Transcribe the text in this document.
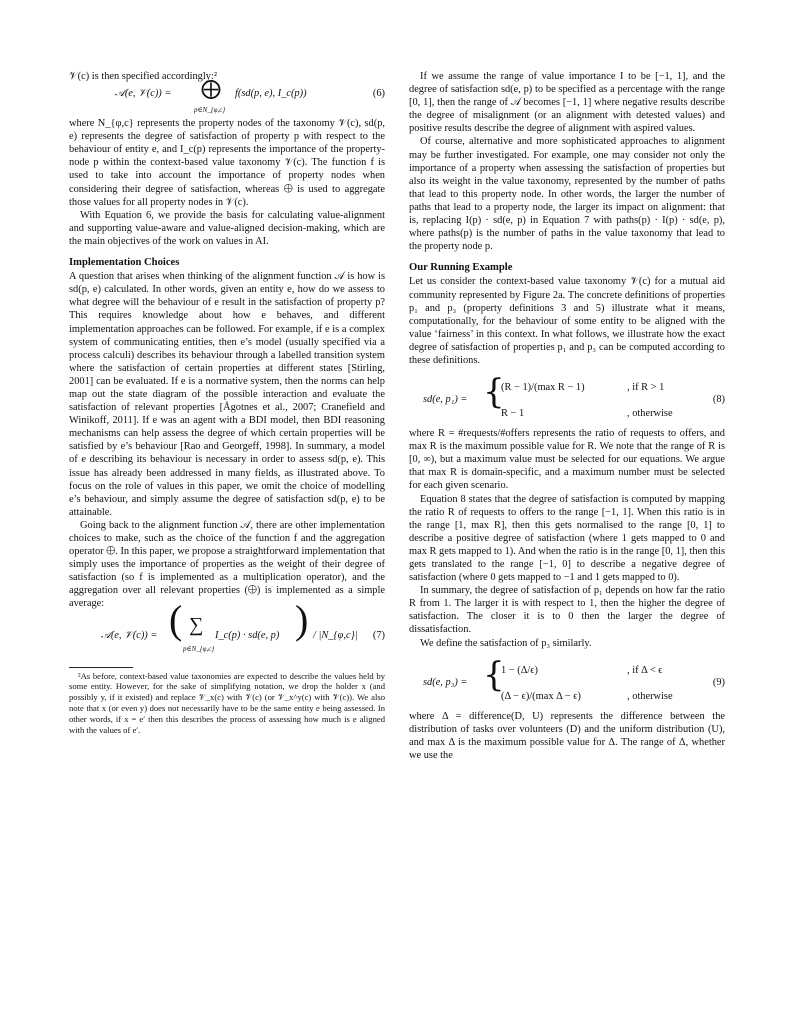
𝒱(c) is then specified accordingly:²

𝒜(e, 𝒱(c)) = ⨁
p∈N_{φ,c}
f(sd(p, e), I_c(p))	(6)

where N_{φ,c} represents the property nodes of the taxonomy 𝒱(c), sd(p, e) represents the degree of satisfaction of property p with respect to the behaviour of entity e, and I_c(p) represents the importance of the property-node p within the context-based value taxonomy 𝒱(c). The function f is used to take into account the importance of property nodes when considering their degree of satisfaction, whereas ⨁ is used to aggregate those values for all property nodes in 𝒱(c).

With Equation 6, we provide the basis for calculating value-alignment and supporting value-aware and value-aligned decision-making, which are the main objectives of the work on values in AI.

Implementation Choices

A question that arises when thinking of the alignment function 𝒜 is how is sd(p, e) calculated. In other words, given an entity e, how do we assess to what degree will the behaviour of e result in the satisfaction of property p? This requires knowledge about how e behaves, and different implementation approaches can be followed. For example, if e is a complex system of communicating entities, then e’s model (usually specified via a process calculi) describes its behaviour through a labelled transition system where the satisfaction of certain properties at different states [Stirling, 2001] can be evaluated. If e is a normative system, then the norms can help map out the state diagram of the possible interaction and evaluate the satisfaction of relevant properties [Ågotnes et al., 2007; Cranefield and Winikoff, 2011]. If e was an agent with a BDI model, then BDI reasoning mechanisms can help assess the degree of which certain properties will be satisfied by e’s behaviour [Rao and Georgeff, 1998]. In summary, a model of e describing its behaviour is necessary in order to assess sd(p, e). This issue has already been addressed in many fields, as illustrated above. To focus on the role of values in this paper, we omit the choice of modelling e’s behaviour, and simply assume the degree of satisfaction sd(p, e) to be attainable.

Going back to the alignment function 𝒜, there are other implementation choices to make, such as the choice of the function f and the aggregation operator ⨁. In this paper, we propose a straightforward implementation that simply uses the importance of properties as the weight of their degree of satisfaction (so f is implemented as a multiplication operator), and the aggregation over all relevant properties (⨁) is implemented as a simple average:

𝒜(e, 𝒱(c)) = ( ∑
p∈N_{φ,c}
I_c(p) · sd(e, p) ) / |N_{φ,c}| (7)

²As before, context-based value taxonomies are expected to describe the values held by some entity. However, for the sake of simplifying notation, we drop the holder x (and possibly y, if it existed) and replace 𝒱_x(c) with 𝒱(c) (or 𝒱_x^y(c) with 𝒱(c)). We also note that x (or even y) does not necessarily have to be the same entity e being assessed. In other words, if x = e′ then this describes the process of assessing how much is e aligned with the values of e′.

If we assume the range of value importance I to be [−1, 1], and the degree of satisfaction sd(e, p) to be specified as a percentage with the range [0, 1], then the range of 𝒜 becomes [−1, 1] where negative results describe the degree of misalignment (or an alignment with detested values) and positive results describe the degree of alignment with aspired values.

Of course, alternative and more sophisticated approaches to alignment may be further investigated. For example, one may consider not only the importance of a property when assessing the satisfaction of properties but also its weight in the value taxonomy, represented by the number of paths that lead to this property node. In other words, the larger the number of paths that lead to a property node, the larger its impact on alignment: that is, replacing I(p) · sd(e, p) in Equation 7 with paths(p) · I(p) · sd(e, p), where paths(p) is the number of paths in the value taxonomy that lead to the property node p.

Our Running Example

Let us consider the context-based value taxonomy 𝒱(c) for a mutual aid community represented by Figure 2a. The concrete definitions of properties p₁ and p₃ (property definitions 3 and 5) illustrate what it means, computationally, for the behaviour of some entity to be aligned with the value ‘fairness’ in this context. In what follows, we illustrate how the exact degree of satisfaction of properties p₁ and p₃ can be computed according to these definitions.

sd(e, p₁) = {
(R − 1)/(max R − 1)	, if R > 1
R − 1	, otherwise
(8)

where R = #requests/#offers represents the ratio of requests to offers, and max R is the maximum possible value for R. We note that the range of R is [0, ∞), but a maximum value must be selected for our equations. We argue that max R is domain-specific, and a maximum number must be selected for each given scenario.

Equation 8 states that the degree of satisfaction is computed by mapping the ratio R of requests to offers to the range [−1, 1]. When this ratio is in the range [1, max R], then this gets normalised to the range [0, 1] to describe a positive degree of satisfaction (where 1 gets mapped to 0 and max R gets mapped to 1). And when the ratio is in the range [0, 1], then this gets translated to the range [−1, 0] to describe a negative degree of satisfaction (where 0 gets mapped to −1 and 1 gets mapped to 0).

In summary, the degree of satisfaction of p₁ depends on how far the ratio R from 1. The larger it is with respect to 1, then the higher the degree of satisfaction. The closer it is to 0 then the larger the degree of dissatisfaction.

We define the satisfaction of p₃ similarly.

sd(e, p₃) = {
1 − (Δ/ϵ)	, if Δ < ϵ
(Δ − ϵ)/(max Δ − ϵ)	, otherwise
(9)

where Δ = difference(D, U) represents the difference between the distribution of tasks over volunteers (D) and the uniform distribution (U), and max Δ is the maximum possible value for Δ. The range of Δ, whether we use the
